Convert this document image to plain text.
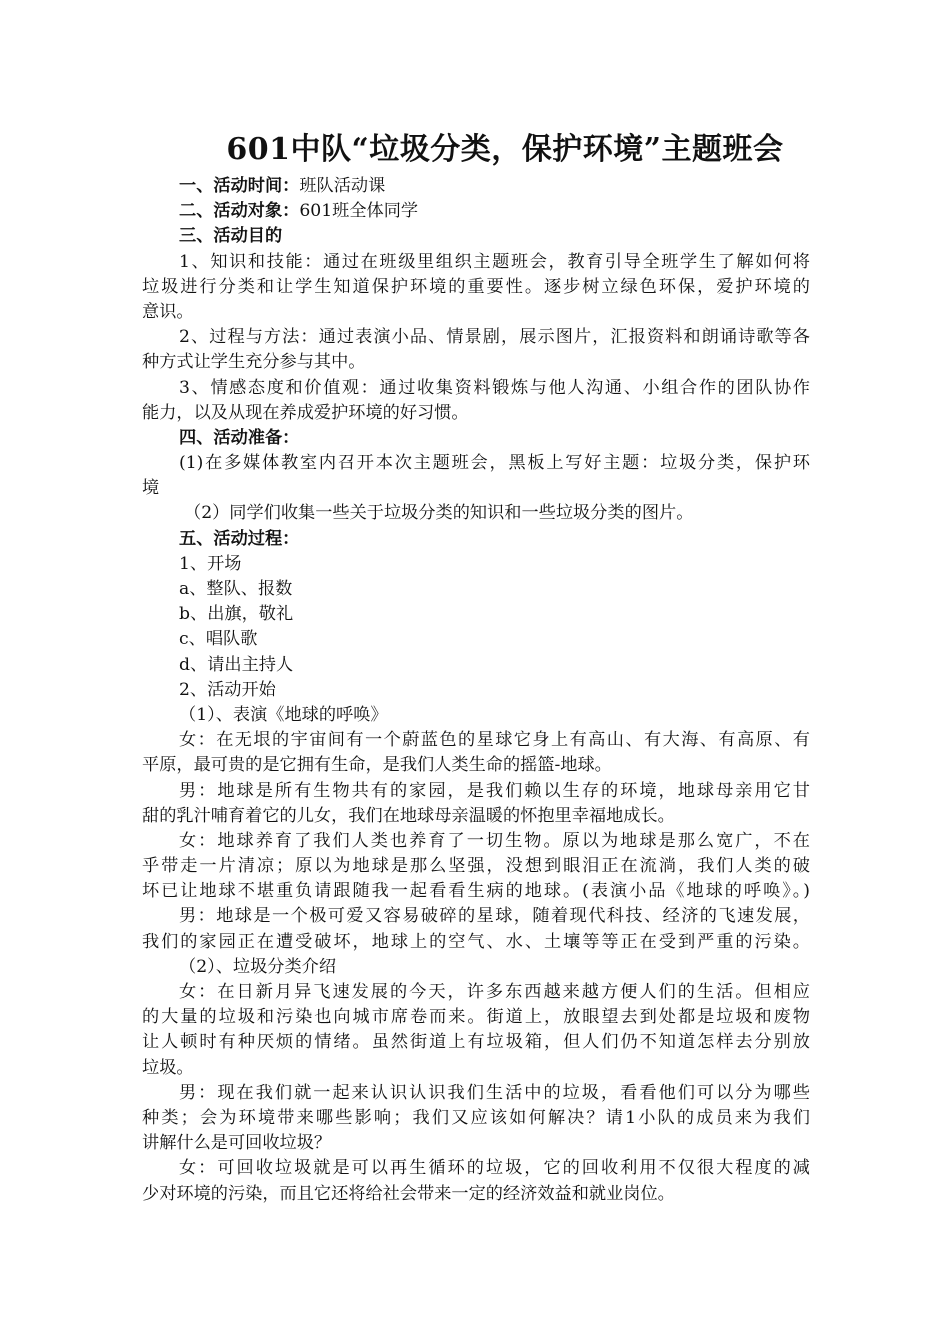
601中队“垃圾分类，保护环境”主题班会
一、活动时间：班队活动课
二、活动对象：601班全体同学
三、活动目的
1、知识和技能：通过在班级里组织主题班会，教育引导全班学生了解如何将
垃圾进行分类和让学生知道保护环境的重要性。逐步树立绿色环保，爱护环境的
意识。
2、过程与方法：通过表演小品、情景剧，展示图片，汇报资料和朗诵诗歌等各
种方式让学生充分参与其中。
3、情感态度和价值观：通过收集资料锻炼与他人沟通、小组合作的团队协作
能力，以及从现在养成爱护环境的好习惯。
四、活动准备：
(1)在多媒体教室内召开本次主题班会，黑板上写好主题：垃圾分类，保护环
境
（2）同学们收集一些关于垃圾分类的知识和一些垃圾分类的图片。
五、活动过程：
1、开场
a、整队、报数
b、出旗，敬礼
c、唱队歌
d、请出主持人
2、活动开始
（1）、表演《地球的呼唤》
女：在无垠的宇宙间有一个蔚蓝色的星球它身上有高山、有大海、有高原、有
平原，最可贵的是它拥有生命，是我们人类生命的摇篮-地球。
男：地球是所有生物共有的家园，是我们赖以生存的环境，地球母亲用它甘
甜的乳汁哺育着它的儿女，我们在地球母亲温暖的怀抱里幸福地成长。
女：地球养育了我们人类也养育了一切生物。原以为地球是那么宽广，不在
乎带走一片清凉；原以为地球是那么坚强，没想到眼泪正在流淌，我们人类的破
坏已让地球不堪重负请跟随我一起看看生病的地球。(表演小品《地球的呼唤》。)
男：地球是一个极可爱又容易破碎的星球，随着现代科技、经济的飞速发展，
我们的家园正在遭受破坏，地球上的空气、水、土壤等等正在受到严重的污染。
（2）、垃圾分类介绍
女：在日新月异飞速发展的今天，许多东西越来越方便人们的生活。但相应
的大量的垃圾和污染也向城市席卷而来。街道上，放眼望去到处都是垃圾和废物
让人顿时有种厌烦的情绪。虽然街道上有垃圾箱，但人们仍不知道怎样去分别放
垃圾。
男：现在我们就一起来认识认识我们生活中的垃圾，看看他们可以分为哪些
种类；会为环境带来哪些影响；我们又应该如何解决？请1小队的成员来为我们
讲解什么是可回收垃圾？
女：可回收垃圾就是可以再生循环的垃圾，它的回收利用不仅很大程度的减
少对环境的污染，而且它还将给社会带来一定的经济效益和就业岗位。
